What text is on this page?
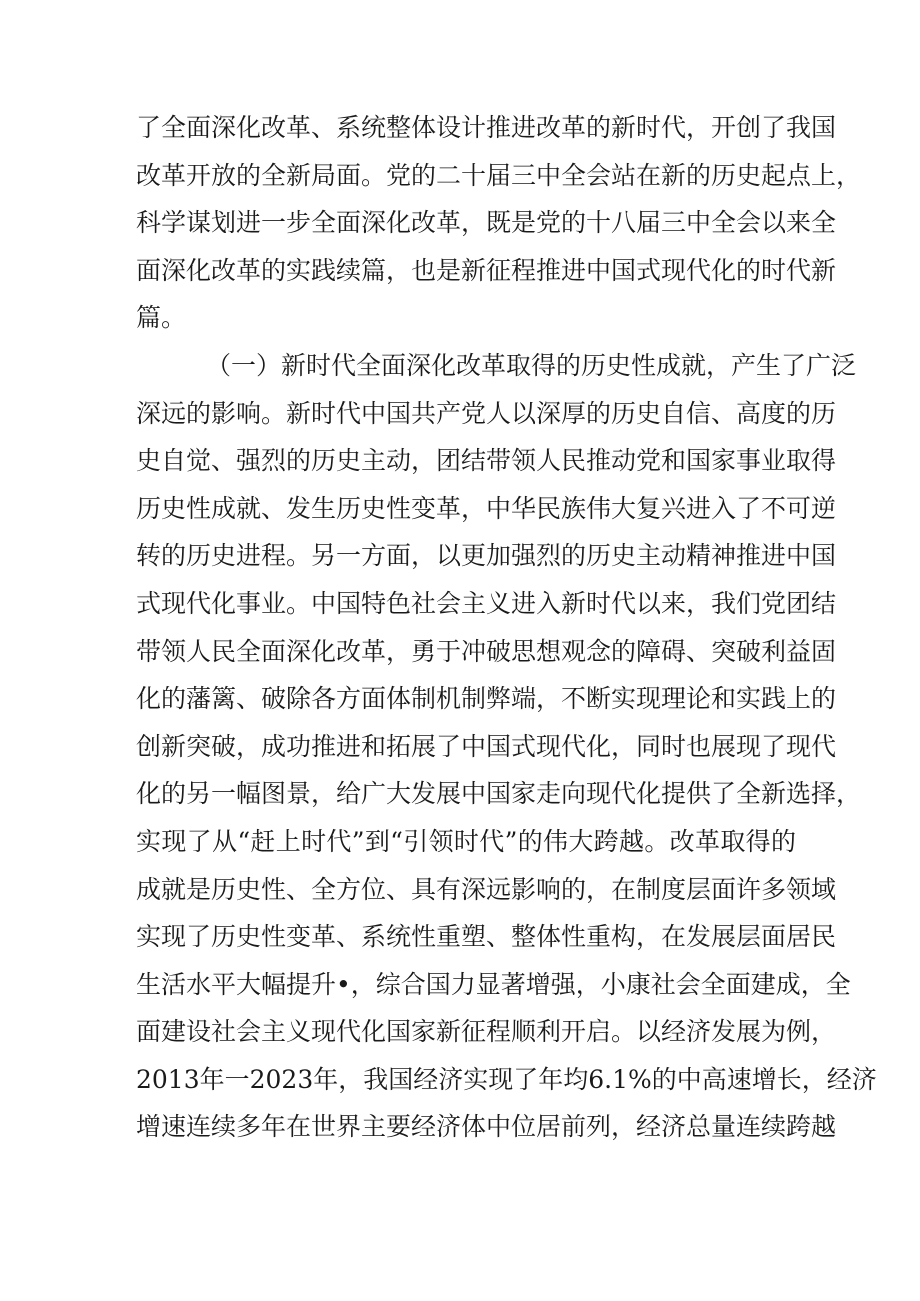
了全面深化改革、系统整体设计推进改革的新时代，开创了我国
改革开放的全新局面。党的二十届三中全会站在新的历史起点上，
科学谋划进一步全面深化改革，既是党的十八届三中全会以来全
面深化改革的实践续篇，也是新征程推进中国式现代化的时代新
篇。
（一）新时代全面深化改革取得的历史性成就，产生了广泛
深远的影响。新时代中国共产党人以深厚的历史自信、高度的历
史自觉、强烈的历史主动，团结带领人民推动党和国家事业取得
历史性成就、发生历史性变革，中华民族伟大复兴进入了不可逆
转的历史进程。另一方面，以更加强烈的历史主动精神推进中国
式现代化事业。中国特色社会主义进入新时代以来，我们党团结
带领人民全面深化改革，勇于冲破思想观念的障碍、突破利益固
化的藩篱、破除各方面体制机制弊端，不断实现理论和实践上的
创新突破，成功推进和拓展了中国式现代化，同时也展现了现代
化的另一幅图景，给广大发展中国家走向现代化提供了全新选择，
实现了从“赶上时代”到“引领时代”的伟大跨越。改革取得的
成就是历史性、全方位、具有深远影响的，在制度层面许多领域
实现了历史性变革、系统性重塑、整体性重构，在发展层面居民
生活水平大幅提升•，综合国力显著增强，小康社会全面建成，全
面建设社会主义现代化国家新征程顺利开启。以经济发展为例，
2013年一2023年，我国经济实现了年均6.1%的中高速增长，经济
增速连续多年在世界主要经济体中位居前列，经济总量连续跨越
